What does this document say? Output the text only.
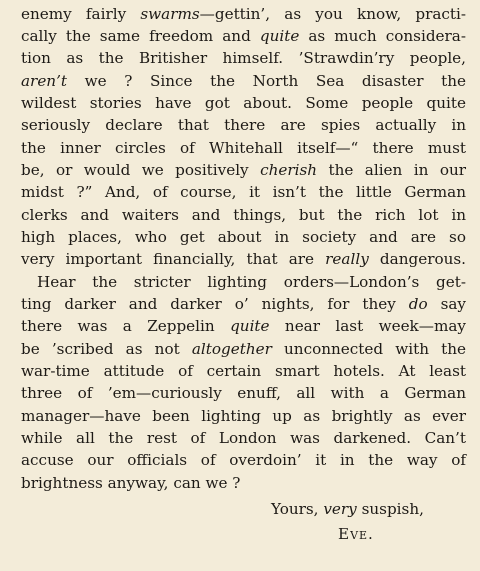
enemy fairly swarms—gettin’, as you know, practi-
cally the same freedom and quite as much considera-
tion as the Britisher himself. ’Strawdin’ry people,
aren’t we ? Since the North Sea disaster the
wildest stories have got about. Some people quite
seriously declare that there are spies actually in
the inner circles of Whitehall itself—“ there must
be, or would we positively cherish the alien in our
midst ?” And, of course, it isn’t the little German
clerks and waiters and things, but the rich lot in
high places, who get about in society and are so
very important financially, that are really dangerous.
Hear the stricter lighting orders—London’s get-
ting darker and darker o’ nights, for they do say
there was a Zeppelin quite near last week—may
be ’scribed as not altogether unconnected with the
war-time attitude of certain smart hotels. At least
three of ’em—curiously enuff, all with a German
manager—have been lighting up as brightly as ever
while all the rest of London was darkened. Can’t
accuse our officials of overdoin’ it in the way of
brightness anyway, can we ?
Yours, very suspish,
Eve.
